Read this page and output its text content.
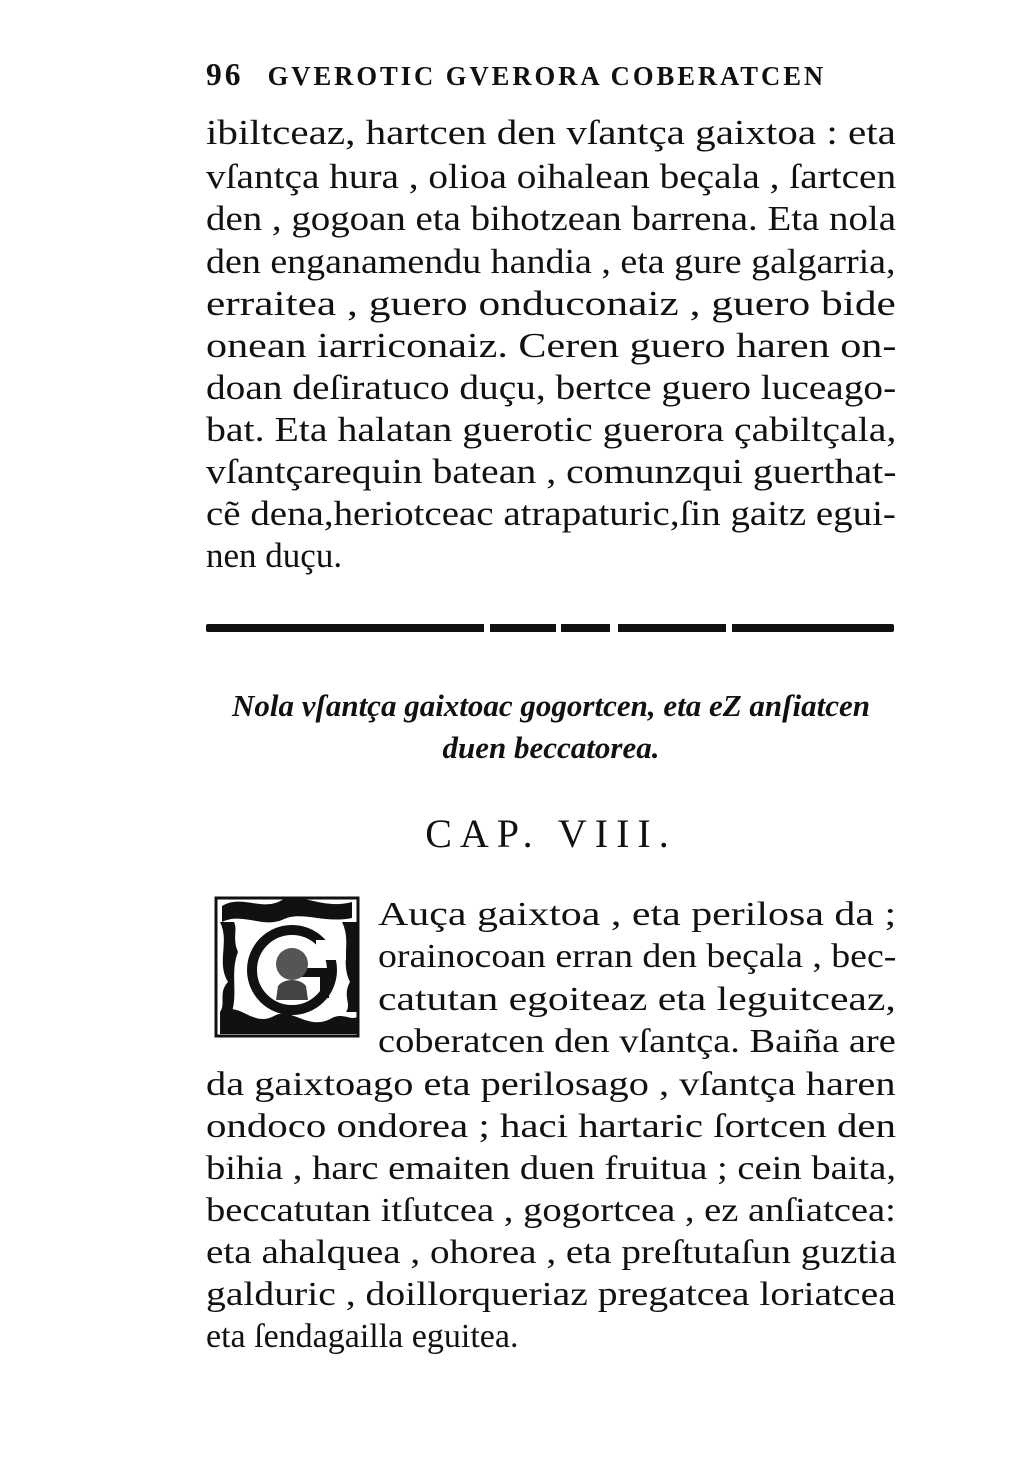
96 GVEROTIC GVERORA COBERATCEN
ibiltceaz, hartcen den vſantça gaixtoa : eta
vſantça hura , olioa oihalean beçala , ſartcen
den , gogoan eta bihotzean barrena. Eta nola
den enganamendu handia , eta gure galgarria,
erraitea , guero onduconaiz , guero bide
onean iarriconaiz. Ceren guero haren on-
doan deſiratuco duçu, bertce guero luceago-
bat. Eta halatan guerotic guerora çabiltçala,
vſantçarequin batean , comunzqui guerthat-
cẽ dena,heriotceac atrapaturic,ſin gaitz egui-
nen duçu.
Nola vſantça gaixtoac gogortcen, eta eZ anſiatcen
duen beccatorea.
CAP. VIII.
Auça gaixtoa , eta perilosa da ;
orainocoan erran den beçala , bec-
catutan egoiteaz eta leguitceaz,
coberatcen den vſantça. Baiña are
da gaixtoago eta perilosago , vſantça haren
ondoco ondorea ; haci hartaric ſortcen den
bihia , harc emaiten duen fruitua ; cein baita,
beccatutan itſutcea , gogortcea , ez anſiatcea:
eta ahalquea , ohorea , eta preſtutaſun guztia
galduric , doillorqueriaz pregatcea loriatcea
eta ſendagailla eguitea.
